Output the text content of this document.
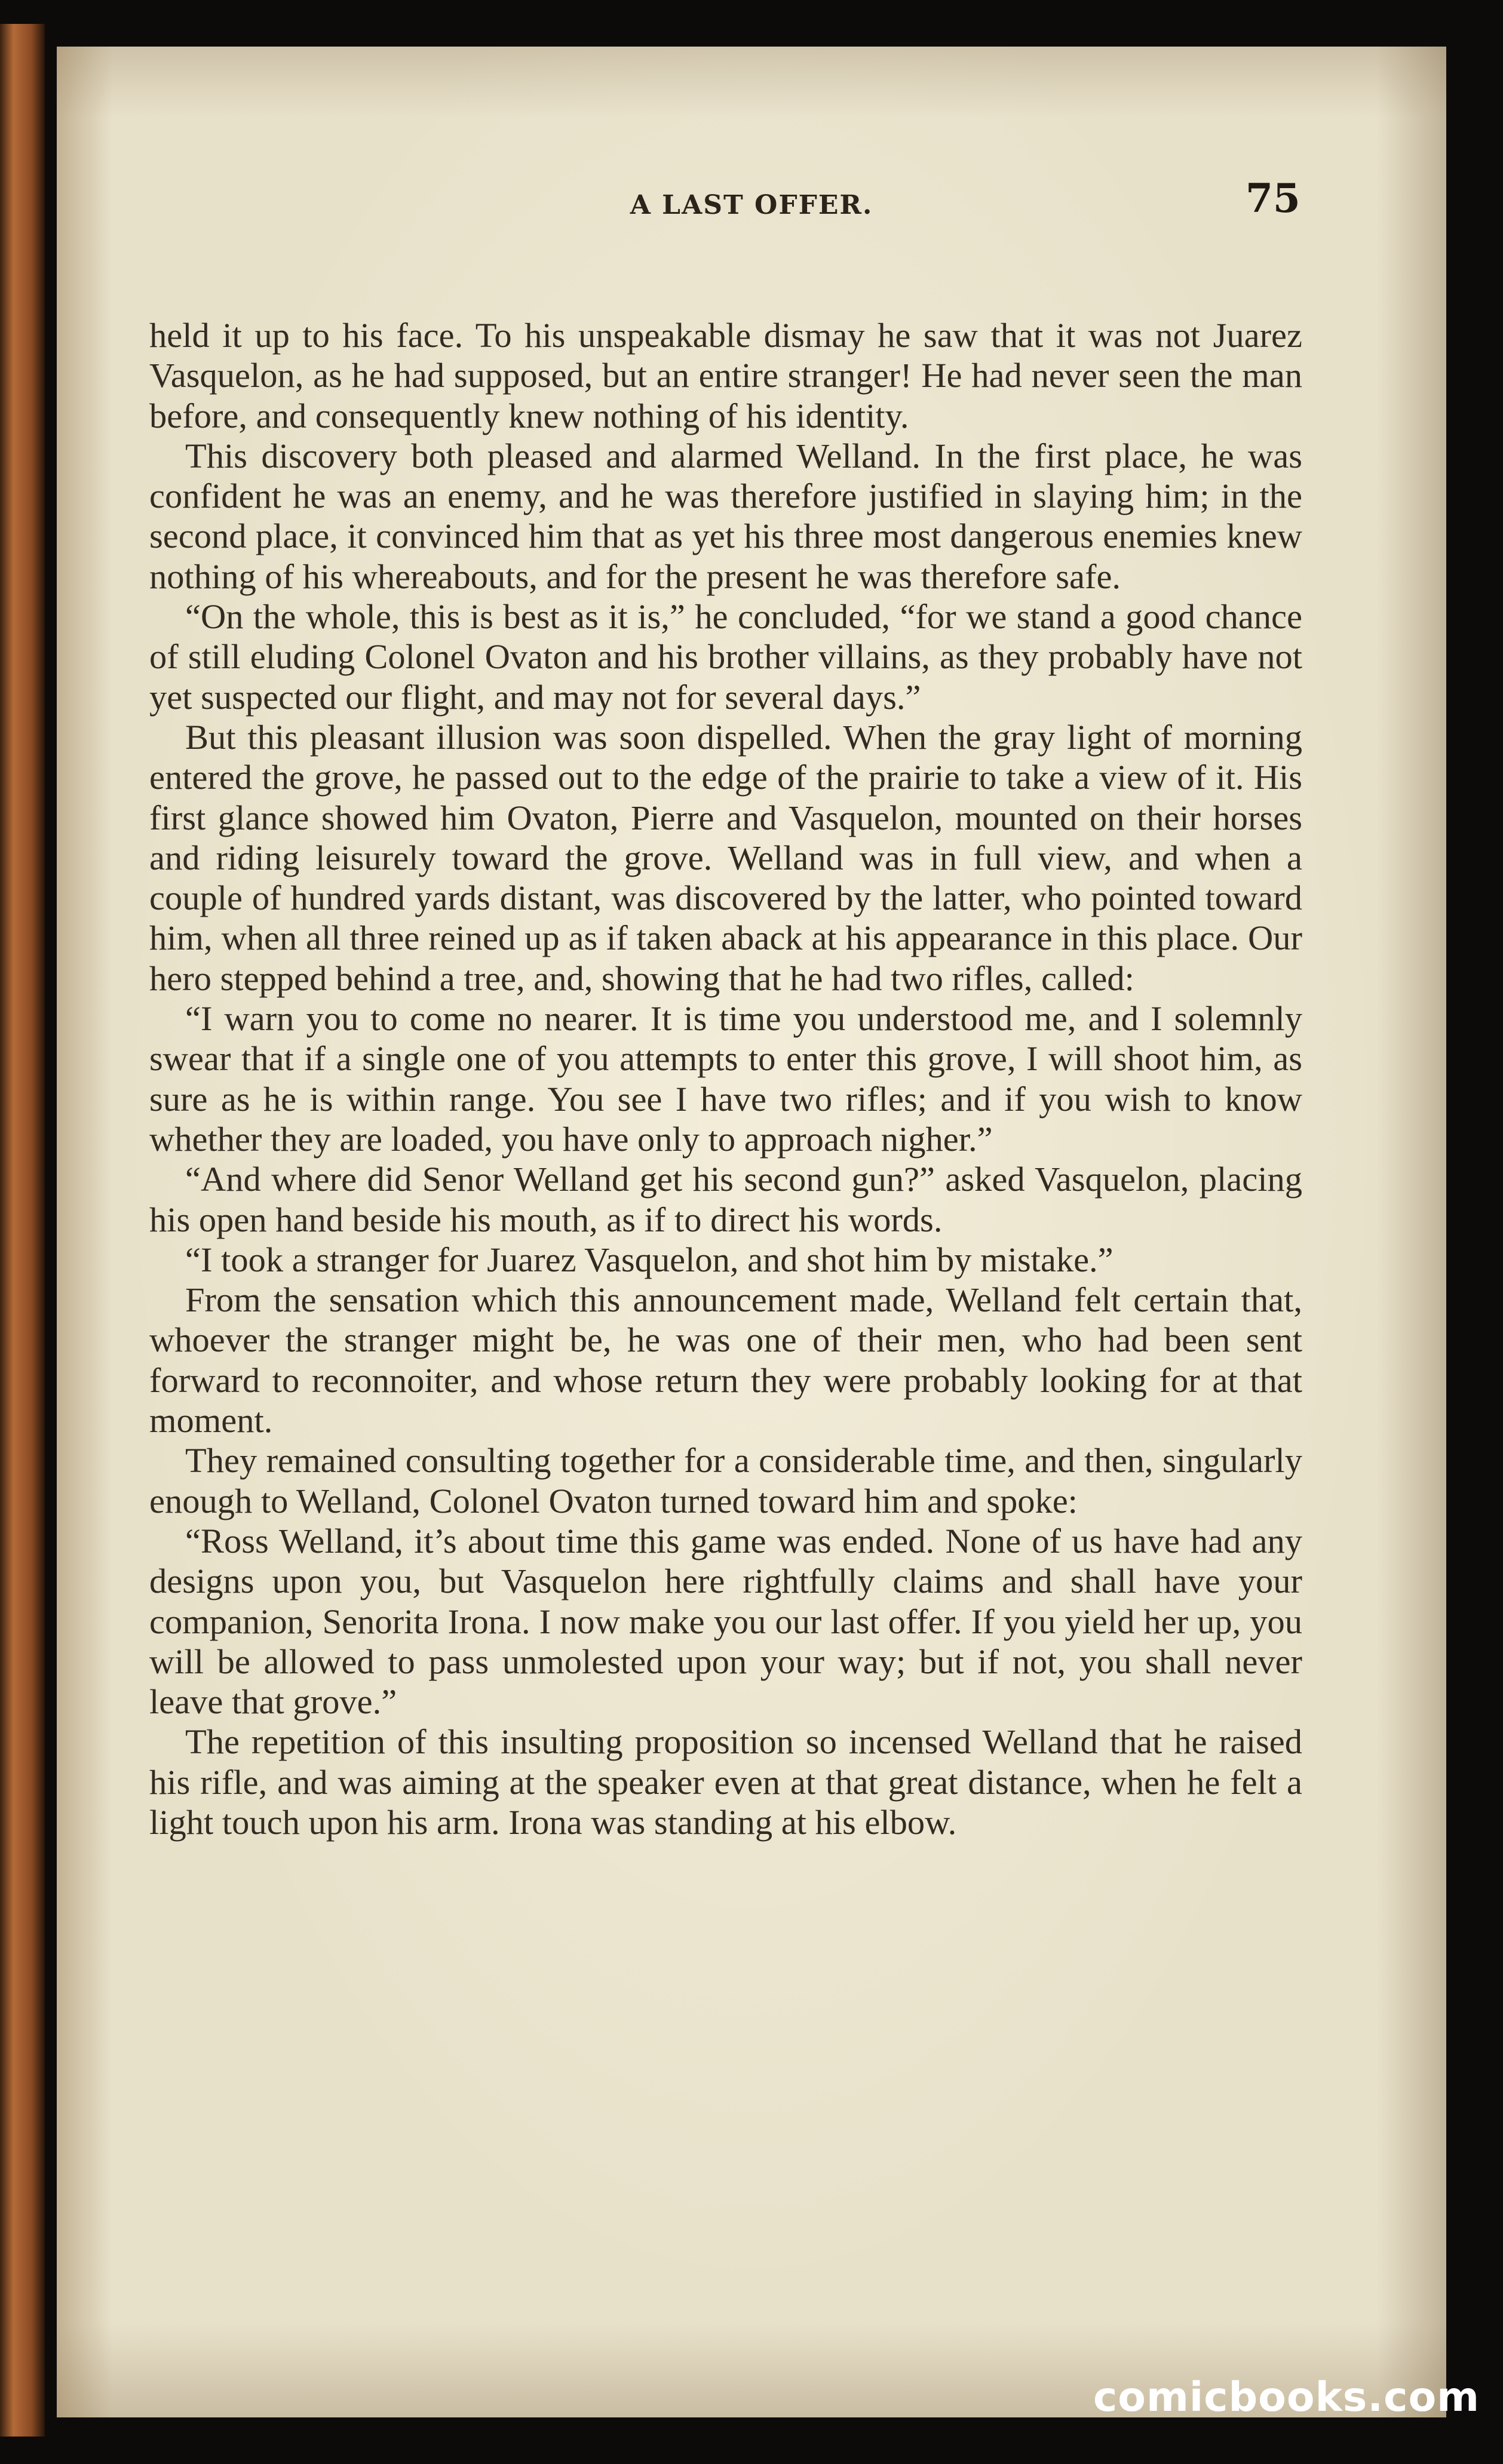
A LAST OFFER.	75

held it up to his face. To his unspeakable dismay he saw that it was not Juarez Vasquelon, as he had supposed, but an entire stranger! He had never seen the man before, and consequently knew nothing of his identity.

This discovery both pleased and alarmed Welland. In the first place, he was confident he was an enemy, and he was therefore justified in slaying him; in the second place, it convinced him that as yet his three most dangerous enemies knew nothing of his whereabouts, and for the present he was therefore safe.

“On the whole, this is best as it is,” he concluded, “for we stand a good chance of still eluding Colonel Ovaton and his brother villains, as they probably have not yet suspected our flight, and may not for several days.”

But this pleasant illusion was soon dispelled. When the gray light of morning entered the grove, he passed out to the edge of the prairie to take a view of it. His first glance showed him Ovaton, Pierre and Vasquelon, mounted on their horses and riding leisurely toward the grove. Welland was in full view, and when a couple of hundred yards distant, was discovered by the latter, who pointed toward him, when all three reined up as if taken aback at his appearance in this place. Our hero stepped behind a tree, and, showing that he had two rifles, called:

“I warn you to come no nearer. It is time you understood me, and I solemnly swear that if a single one of you attempts to enter this grove, I will shoot him, as sure as he is within range. You see I have two rifles; and if you wish to know whether they are loaded, you have only to approach nigher.”

“And where did Senor Welland get his second gun?” asked Vasquelon, placing his open hand beside his mouth, as if to direct his words.

“I took a stranger for Juarez Vasquelon, and shot him by mistake.”

From the sensation which this announcement made, Welland felt certain that, whoever the stranger might be, he was one of their men, who had been sent forward to reconnoiter, and whose return they were probably looking for at that moment.

They remained consulting together for a considerable time, and then, singularly enough to Welland, Colonel Ovaton turned toward him and spoke:

“Ross Welland, it’s about time this game was ended. None of us have had any designs upon you, but Vasquelon here rightfully claims and shall have your companion, Senorita Irona. I now make you our last offer. If you yield her up, you will be allowed to pass unmolested upon your way; but if not, you shall never leave that grove.”

The repetition of this insulting proposition so incensed Welland that he raised his rifle, and was aiming at the speaker even at that great distance, when he felt a light touch upon his arm. Irona was standing at his elbow.

comicbooks.com
